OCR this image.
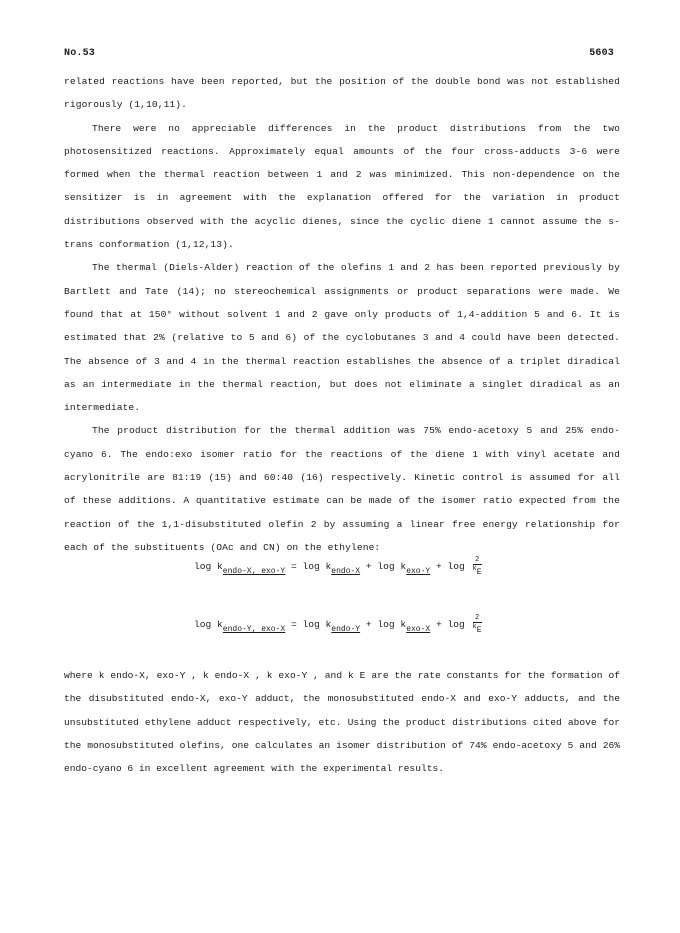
No.53	5603

related reactions have been reported, but the position of the double bond was not established rigorously (1,10,11).

There were no appreciable differences in the product distributions from the two photosensitized reactions. Approximately equal amounts of the four cross-adducts 3-6 were formed when the thermal reaction between 1 and 2 was minimized. This non-dependence on the sensitizer is in agreement with the explanation offered for the variation in product distributions observed with the acyclic dienes, since the cyclic diene 1 cannot assume the s-trans conformation (1,12,13).

The thermal (Diels-Alder) reaction of the olefins 1 and 2 has been reported previously by Bartlett and Tate (14); no stereochemical assignments or product separations were made. We found that at 150° without solvent 1 and 2 gave only products of 1,4-addition 5 and 6. It is estimated that 2% (relative to 5 and 6) of the cyclobutanes 3 and 4 could have been detected. The absence of 3 and 4 in the thermal reaction establishes the absence of a triplet diradical as an intermediate in the thermal reaction, but does not eliminate a singlet diradical as an intermediate.

The product distribution for the thermal addition was 75% endo-acetoxy 5 and 25% endo-cyano 6. The endo:exo isomer ratio for the reactions of the diene 1 with vinyl acetate and acrylonitrile are 81:19 (15) and 60:40 (16) respectively. Kinetic control is assumed for all of these additions. A quantitative estimate can be made of the isomer ratio expected from the reaction of the 1,1-disubstituted olefin 2 by assuming a linear free energy relationship for each of the substituents (OAc and CN) on the ethylene:

$\log k_{endo-X, exo-Y} = \log k_{endo-X} + \log k_{exo-Y} + \log \frac{2}{k_E}$
$\log k_{endo-Y, exo-X} = \log k_{endo-Y} + \log k_{exo-X} + \log \frac{2}{k_E}$

where k endo-X, exo-Y , k endo-X , k exo-Y , and k E are the rate constants for the formation of the disubstituted endo-X, exo-Y adduct, the monosubstituted endo-X and exo-Y adducts, and the unsubstituted ethylene adduct respectively, etc. Using the product distributions cited above for the monosubstituted olefins, one calculates an isomer distribution of 74% endo-acetoxy 5 and 26% endo-cyano 6 in excellent agreement with the experimental results.
